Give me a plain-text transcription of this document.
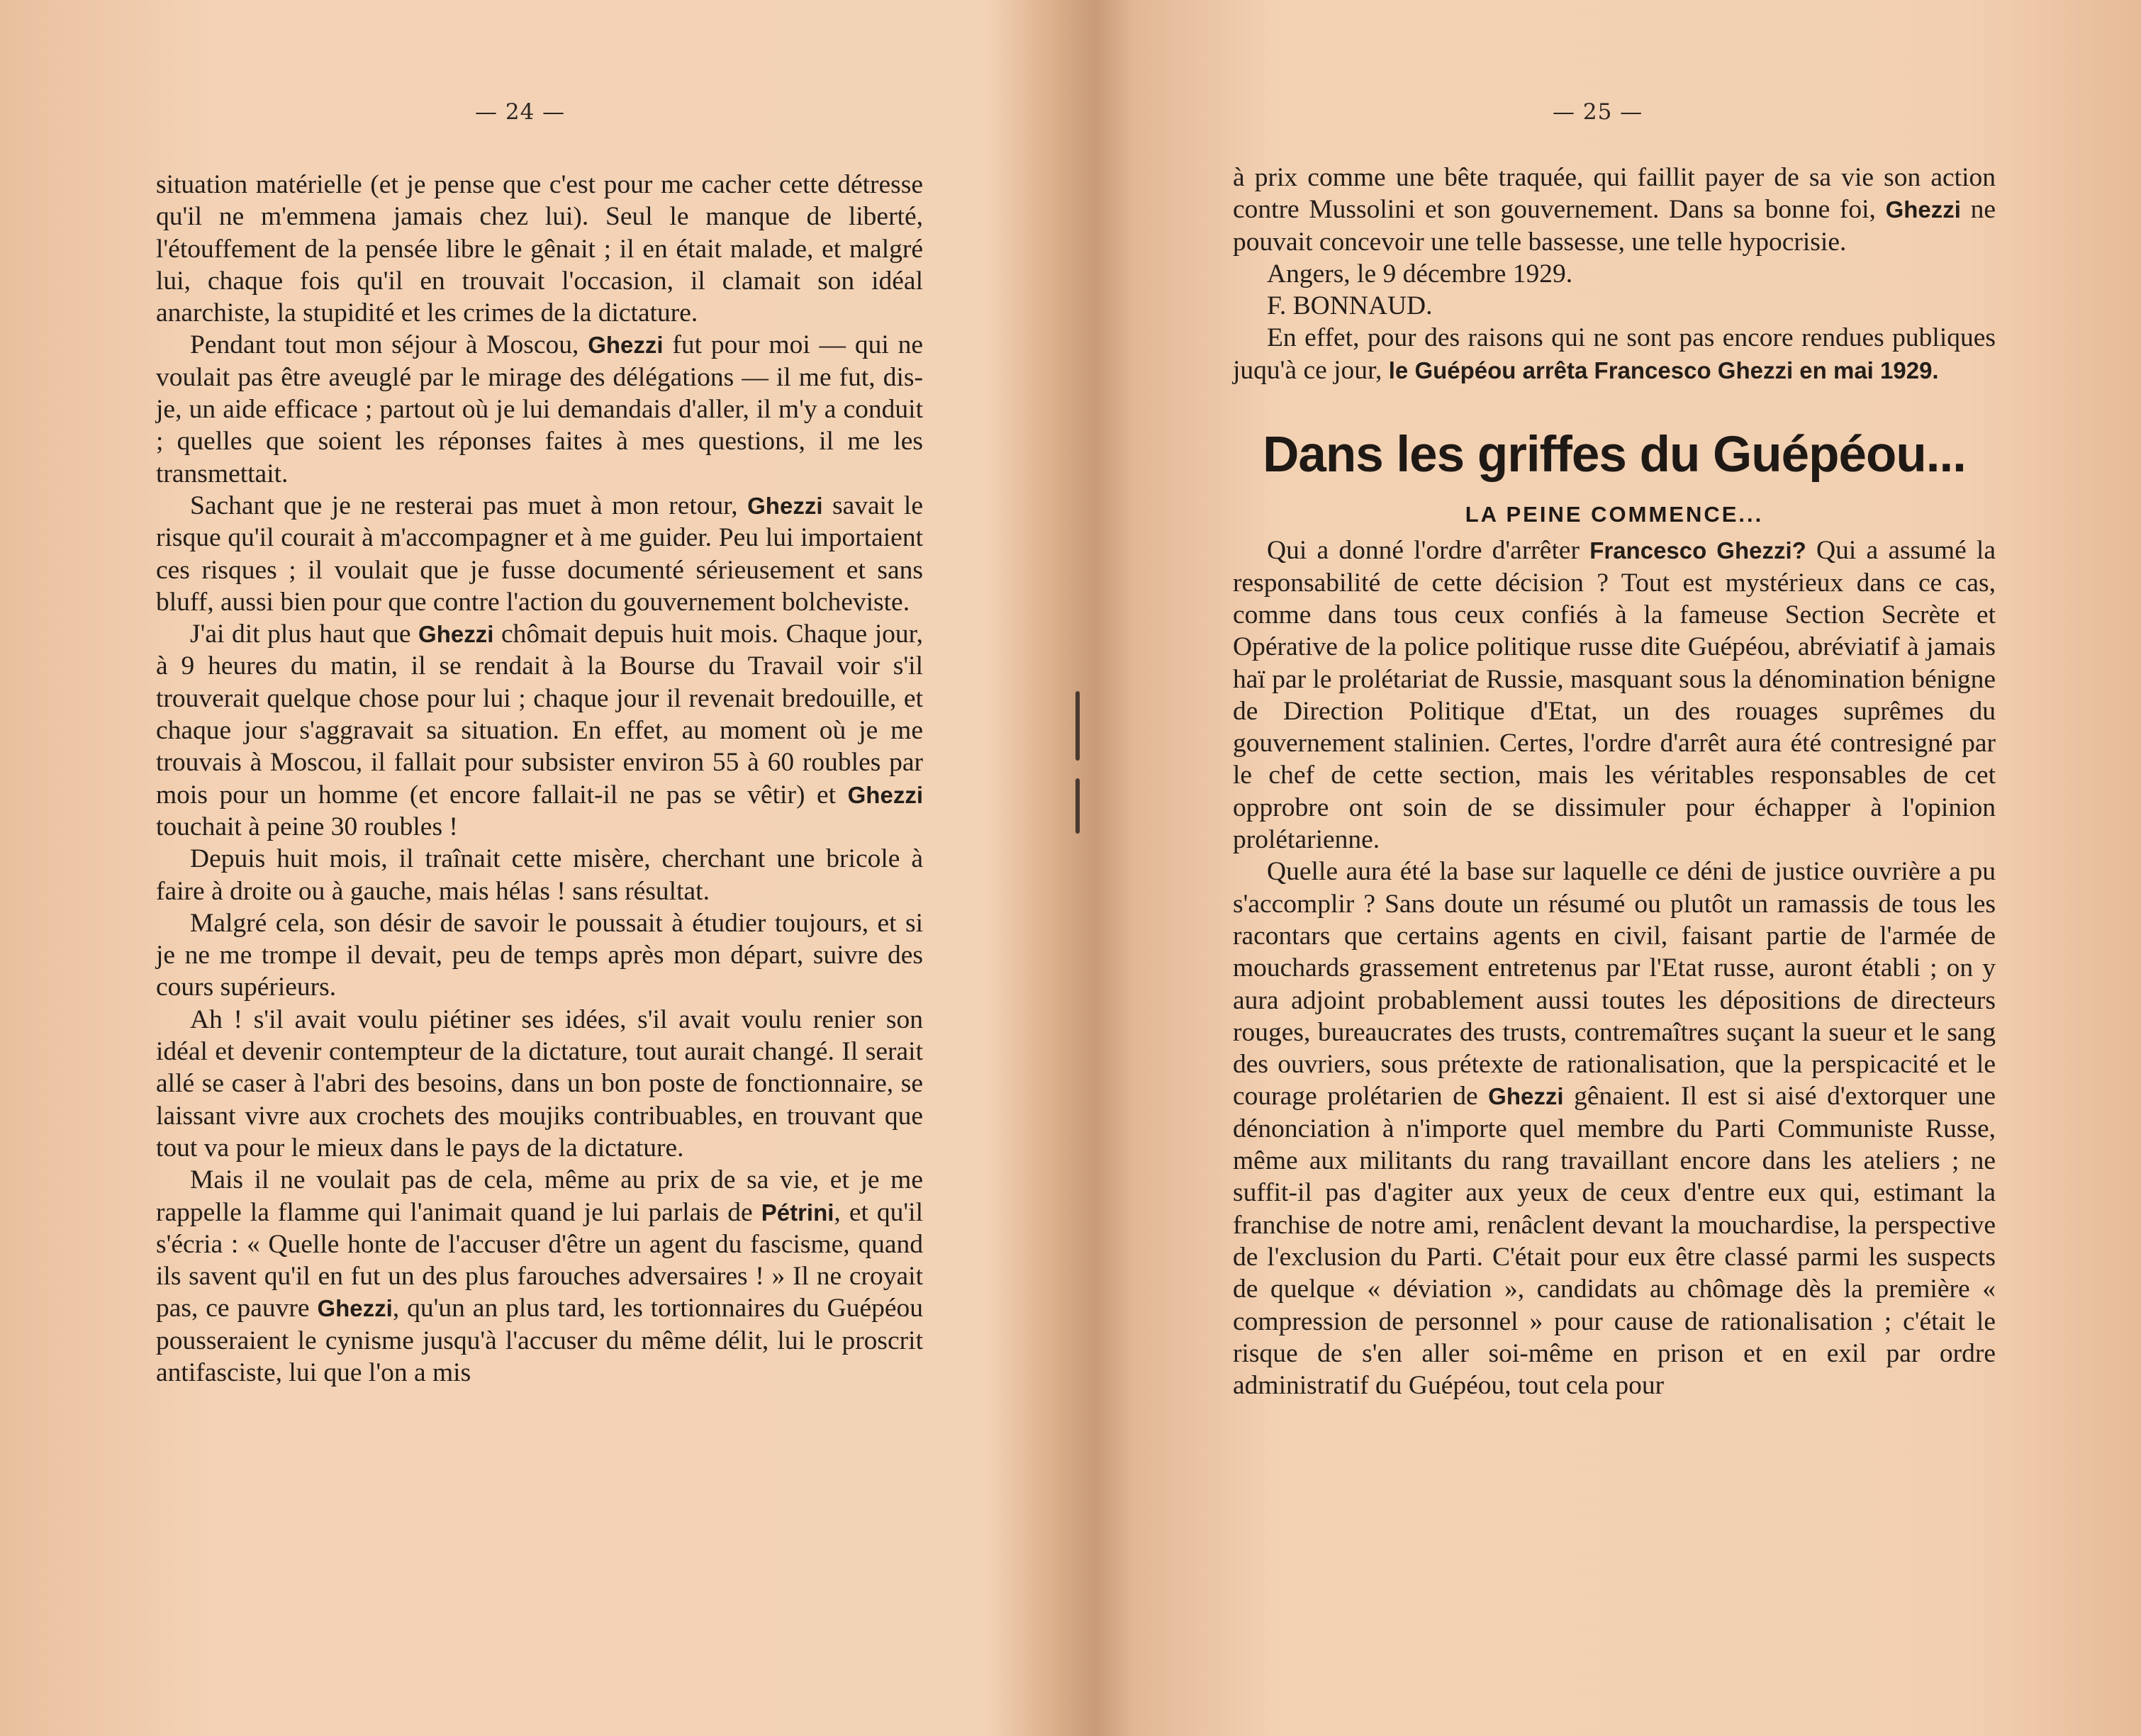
— 24 —

situation matérielle (et je pense que c'est pour me cacher cette détresse qu'il ne m'emmena jamais chez lui). Seul le manque de liberté, l'étouffement de la pensée libre le gênait ; il en était malade, et malgré lui, chaque fois qu'il en trouvait l'occasion, il clamait son idéal anarchiste, la stupidité et les crimes de la dictature.

Pendant tout mon séjour à Moscou, Ghezzi fut pour moi — qui ne voulait pas être aveuglé par le mirage des délégations — il me fut, dis-je, un aide efficace ; partout où je lui demandais d'aller, il m'y a conduit ; quelles que soient les réponses faites à mes questions, il me les transmettait.

Sachant que je ne resterai pas muet à mon retour, Ghezzi savait le risque qu'il courait à m'accompagner et à me guider. Peu lui importaient ces risques ; il voulait que je fusse documenté sérieusement et sans bluff, aussi bien pour que contre l'action du gouvernement bolcheviste.

J'ai dit plus haut que Ghezzi chômait depuis huit mois. Chaque jour, à 9 heures du matin, il se rendait à la Bourse du Travail voir s'il trouverait quelque chose pour lui ; chaque jour il revenait bredouille, et chaque jour s'aggravait sa situation. En effet, au moment où je me trouvais à Moscou, il fallait pour subsister environ 55 à 60 roubles par mois pour un homme (et encore fallait-il ne pas se vêtir) et Ghezzi touchait à peine 30 roubles !

Depuis huit mois, il traînait cette misère, cherchant une bricole à faire à droite ou à gauche, mais hélas ! sans résultat.

Malgré cela, son désir de savoir le poussait à étudier toujours, et si je ne me trompe il devait, peu de temps après mon départ, suivre des cours supérieurs.

Ah ! s'il avait voulu piétiner ses idées, s'il avait voulu renier son idéal et devenir contempteur de la dictature, tout aurait changé. Il serait allé se caser à l'abri des besoins, dans un bon poste de fonctionnaire, se laissant vivre aux crochets des moujiks contribuables, en trouvant que tout va pour le mieux dans le pays de la dictature.

Mais il ne voulait pas de cela, même au prix de sa vie, et je me rappelle la flamme qui l'animait quand je lui parlais de Pétrini, et qu'il s'écria : « Quelle honte de l'accuser d'être un agent du fascisme, quand ils savent qu'il en fut un des plus farouches adversaires ! » Il ne croyait pas, ce pauvre Ghezzi, qu'un an plus tard, les tortionnaires du Guépéou pousseraient le cynisme jusqu'à l'accuser du même délit, lui le proscrit antifasciste, lui que l'on a mis

— 25 —

à prix comme une bête traquée, qui faillit payer de sa vie son action contre Mussolini et son gouvernement. Dans sa bonne foi, Ghezzi ne pouvait concevoir une telle bassesse, une telle hypocrisie.

Angers, le 9 décembre 1929.

F. BONNAUD.

En effet, pour des raisons qui ne sont pas encore rendues publiques juqu'à ce jour, le Guépéou arrêta Francesco Ghezzi en mai 1929.

Dans les griffes du Guépéou...
LA PEINE COMMENCE...

Qui a donné l'ordre d'arrêter Francesco Ghezzi? Qui a assumé la responsabilité de cette décision ? Tout est mystérieux dans ce cas, comme dans tous ceux confiés à la fameuse Section Secrète et Opérative de la police politique russe dite Guépéou, abréviatif à jamais haï par le prolétariat de Russie, masquant sous la dénomination bénigne de Direction Politique d'Etat, un des rouages suprêmes du gouvernement stalinien. Certes, l'ordre d'arrêt aura été contresigné par le chef de cette section, mais les véritables responsables de cet opprobre ont soin de se dissimuler pour échapper à l'opinion prolétarienne.

Quelle aura été la base sur laquelle ce déni de justice ouvrière a pu s'accomplir ? Sans doute un résumé ou plutôt un ramassis de tous les racontars que certains agents en civil, faisant partie de l'armée de mouchards grassement entretenus par l'Etat russe, auront établi ; on y aura adjoint probablement aussi toutes les dépositions de directeurs rouges, bureaucrates des trusts, contremaîtres suçant la sueur et le sang des ouvriers, sous prétexte de rationalisation, que la perspicacité et le courage prolétarien de Ghezzi gênaient. Il est si aisé d'extorquer une dénonciation à n'importe quel membre du Parti Communiste Russe, même aux militants du rang travaillant encore dans les ateliers ; ne suffit-il pas d'agiter aux yeux de ceux d'entre eux qui, estimant la franchise de notre ami, renâclent devant la mouchardise, la perspective de l'exclusion du Parti. C'était pour eux être classé parmi les suspects de quelque « déviation », candidats au chômage dès la première « compression de personnel » pour cause de rationalisation ; c'était le risque de s'en aller soi-même en prison et en exil par ordre administratif du Guépéou, tout cela pour
